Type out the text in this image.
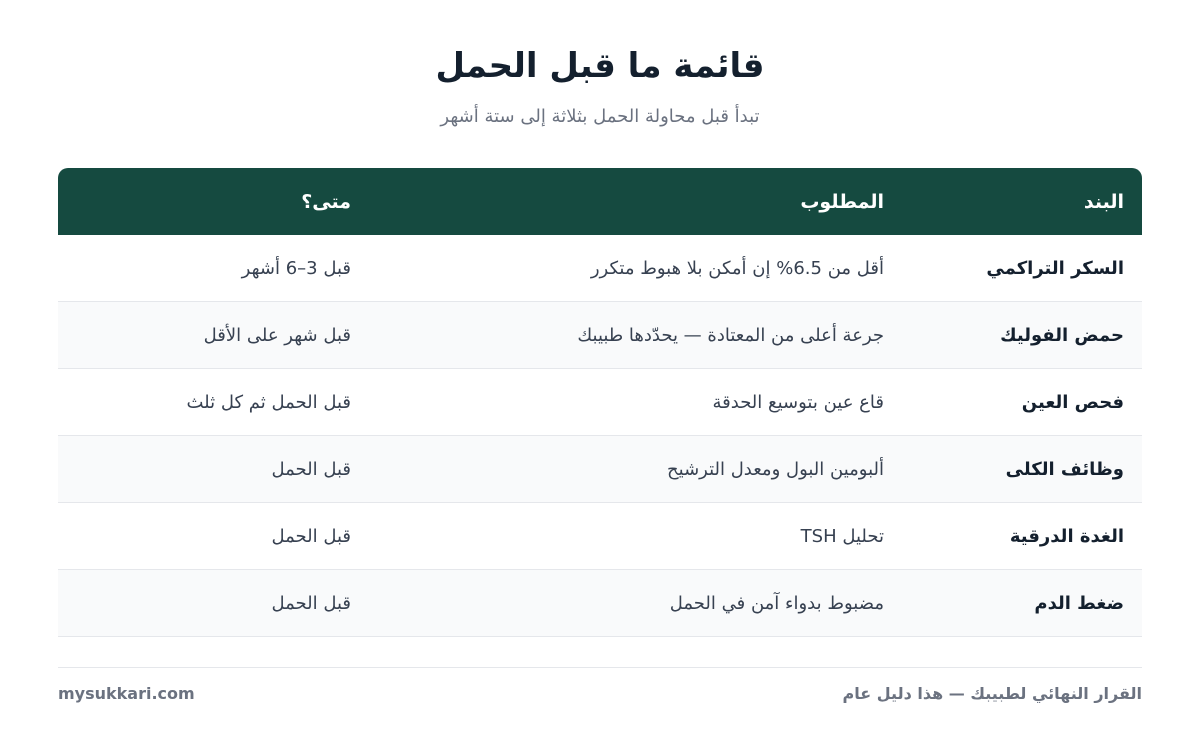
قائمة ما قبل الحمل

تبدأ قبل محاولة الحمل بثلاثة إلى ستة أشهر

البند
المطلوب
متى؟
السكر التراكمي
أقل من 6.5% إن أمكن بلا هبوط متكرر
قبل 3–6 أشهر
حمض الفوليك
جرعة أعلى من المعتادة — يحدّدها طبيبك
قبل شهر على الأقل
فحص العين
قاع عين بتوسيع الحدقة
قبل الحمل ثم كل ثلث
وظائف الكلى
ألبومين البول ومعدل الترشيح
قبل الحمل
الغدة الدرقية
تحليل TSH
قبل الحمل
ضغط الدم
مضبوط بدواء آمن في الحمل
قبل الحمل
القرار النهائي لطبيبك — هذا دليل عام
mysukkari.com
